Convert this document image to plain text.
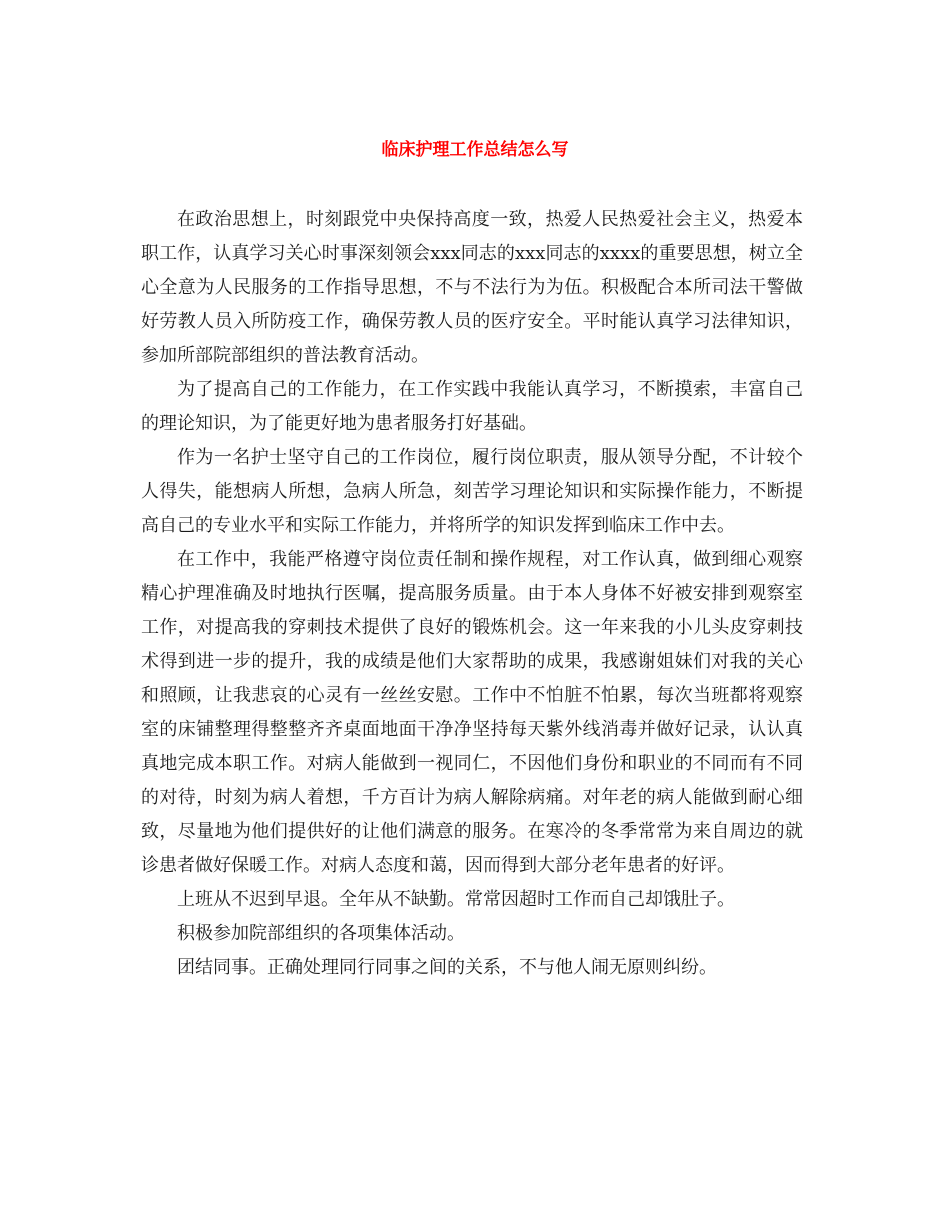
临床护理工作总结怎么写

在政治思想上，时刻跟党中央保持高度一致，热爱人民热爱社会主义，热爱本职工作，认真学习关心时事深刻领会xxx同志的xxx同志的xxxx的重要思想，树立全心全意为人民服务的工作指导思想，不与不法行为为伍。积极配合本所司法干警做好劳教人员入所防疫工作，确保劳教人员的医疗安全。平时能认真学习法律知识，参加所部院部组织的普法教育活动。

为了提高自己的工作能力，在工作实践中我能认真学习，不断摸索，丰富自己的理论知识，为了能更好地为患者服务打好基础。

作为一名护士坚守自己的工作岗位，履行岗位职责，服从领导分配，不计较个人得失，能想病人所想，急病人所急，刻苦学习理论知识和实际操作能力，不断提高自己的专业水平和实际工作能力，并将所学的知识发挥到临床工作中去。

在工作中，我能严格遵守岗位责任制和操作规程，对工作认真，做到细心观察精心护理准确及时地执行医嘱，提高服务质量。由于本人身体不好被安排到观察室工作，对提高我的穿刺技术提供了良好的锻炼机会。这一年来我的小儿头皮穿刺技术得到进一步的提升，我的成绩是他们大家帮助的成果，我感谢姐妹们对我的关心和照顾，让我悲哀的心灵有一丝丝安慰。工作中不怕脏不怕累，每次当班都将观察室的床铺整理得整整齐齐桌面地面干净净坚持每天紫外线消毒并做好记录，认认真真地完成本职工作。对病人能做到一视同仁，不因他们身份和职业的不同而有不同的对待，时刻为病人着想，千方百计为病人解除病痛。对年老的病人能做到耐心细致，尽量地为他们提供好的让他们满意的服务。在寒冷的冬季常常为来自周边的就诊患者做好保暖工作。对病人态度和蔼，因而得到大部分老年患者的好评。

上班从不迟到早退。全年从不缺勤。常常因超时工作而自己却饿肚子。

积极参加院部组织的各项集体活动。

团结同事。正确处理同行同事之间的关系，不与他人闹无原则纠纷。
